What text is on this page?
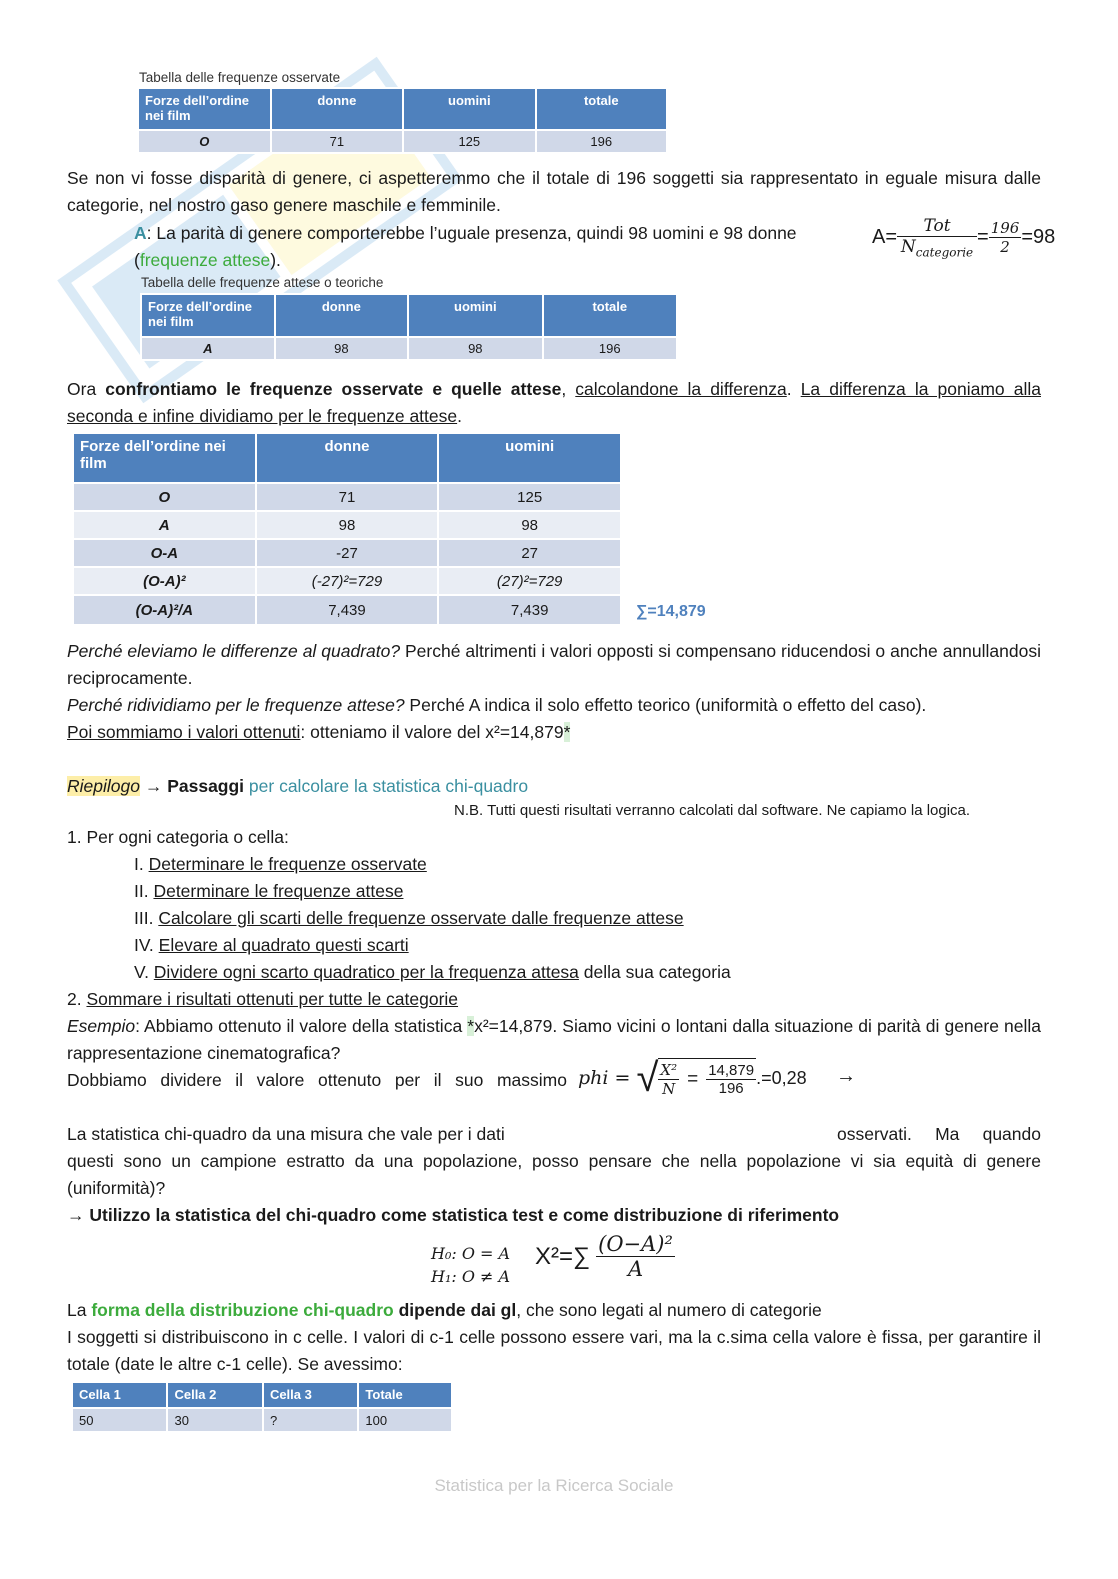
Tabella delle frequenze osservate
Forze dell’ordine nei film	donne	uomini	totale
O	71	125	196

Se non vi fosse disparità di genere, ci aspetteremmo che il totale di 196 soggetti sia rappresentato in eguale misura dalle categorie, nel nostro gaso genere maschile e femminile.

A: La parità di genere comporterebbe l’uguale presenza, quindi 98 uomini e 98 donne (frequenze attese).

$A= \frac{\text{Tot}}{N_{categorie}} = \frac{196}{2} =98$
Tabella delle frequenze attese o teoriche
Forze dell’ordine nei film	donne	uomini	totale
A	98	98	196

Ora confrontiamo le frequenze osservate e quelle attese, calcolandone la differenza. La differenza la poniamo alla seconda e infine dividiamo per le frequenze attese.

Forze dell’ordine nei film	donne	uomini
O	71	125
A	98	98
O-A	-27	27
(O-A)²	(-27)²=729	(27)²=729
(O-A)²/A	7,439	7,439	∑=14,879

Perché eleviamo le differenze al quadrato? Perché altrimenti i valori opposti si compensano riducendosi o anche annullandosi reciprocamente.

Perché ridividiamo per le frequenze attese? Perché A indica il solo effetto teorico (uniformità o effetto del caso).

Poi sommiamo i valori ottenuti: otteniamo il valore del x²=14,879*

Riepilogo → Passaggi per calcolare la statistica chi-quadro

N.B. Tutti questi risultati verranno calcolati dal software. Ne capiamo la logica.

1. Per ogni categoria o cella:

I. Determinare le frequenze osservate

II. Determinare le frequenze attese

III. Calcolare gli scarti delle frequenze osservate dalle frequenze attese

IV. Elevare al quadrato questi scarti

V. Dividere ogni scarto quadratico per la frequenza attesa della sua categoria

2. Sommare i risultati ottenuti per tutte le categorie

Esempio: Abbiamo ottenuto il valore della statistica *x²=14,879. Siamo vicini o lontani dalla situazione di parità di genere nella rappresentazione cinematografica?

Dobbiamo dividere il valore ottenuto per il suo massimo phi = √ $\frac{\text{X²}}{N} = \frac{14,879}{196} .=0,28$ →

La statistica chi-quadro da una misura che vale per i dati	osservati. Ma quando questi sono un campione estratto da una popolazione, posso pensare che nella popolazione vi sia equità di genere (uniformità)?

→ Utilizzo la statistica del chi-quadro come statistica test e come distribuzione di riferimento

H₀: O = A

H₁: O ≠ A

$X^2=\sum \frac{\text{(O−A)²}}{A}$

La forma della distribuzione chi-quadro dipende dai gl, che sono legati al numero di categorie

I soggetti si distribuiscono in c celle. I valori di c-1 celle possono essere vari, ma la c.sima cella valore è fissa, per garantire il totale (date le altre c-1 celle). Se avessimo:

Cella 1	Cella 2	Cella 3	Totale
50	30	?	100
Statistica per la Ricerca Sociale
